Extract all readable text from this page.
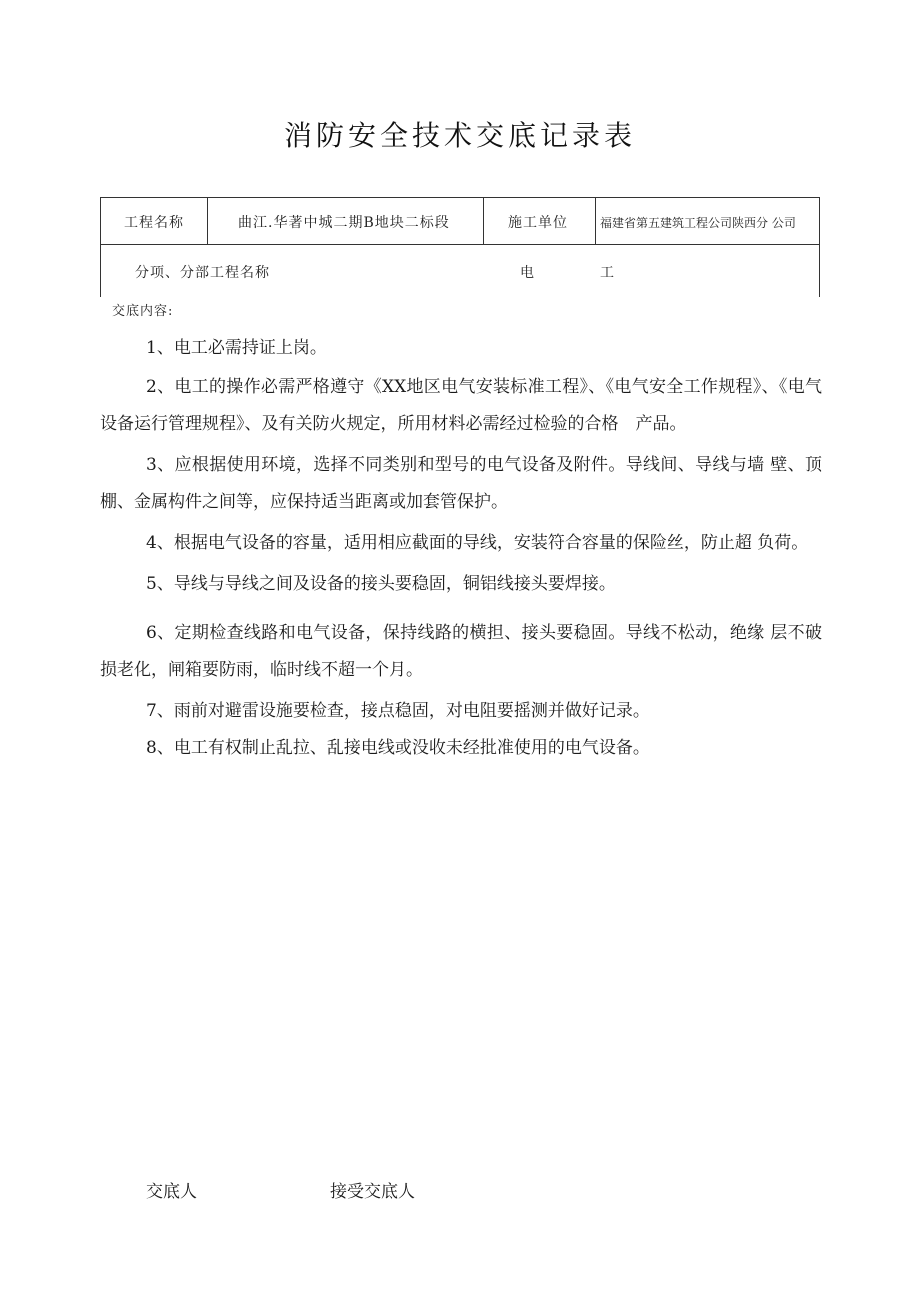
消防安全技术交底记录表
工程名称	曲江.华著中城二期B地块二标段	施工单位	福建省第五建筑工程公司陕西分 公司
分项、分部工程名称	电	工
交底内容:

1、电工必需持证上岗。

2、电工的操作必需严格遵守《XX地区电气安装标准工程》、《电气安全工作规程》、《电气设备运行管理规程》、及有关防火规定，所用材料必需经过检验的合格　产品。

3、应根据使用环境，选择不同类别和型号的电气设备及附件。导线间、导线与墙 壁、顶棚、金属构件之间等，应保持适当距离或加套管保护。

4、根据电气设备的容量，适用相应截面的导线，安装符合容量的保险丝，防止超 负荷。

5、导线与导线之间及设备的接头要稳固，铜铝线接头要焊接。

6、定期检查线路和电气设备，保持线路的横担、接头要稳固。导线不松动，绝缘 层不破损老化，闸箱要防雨，临时线不超一个月。

7、雨前对避雷设施要检查，接点稳固，对电阻要摇测并做好记录。

8、电工有权制止乱拉、乱接电线或没收未经批准使用的电气设备。

交底人	接受交底人
